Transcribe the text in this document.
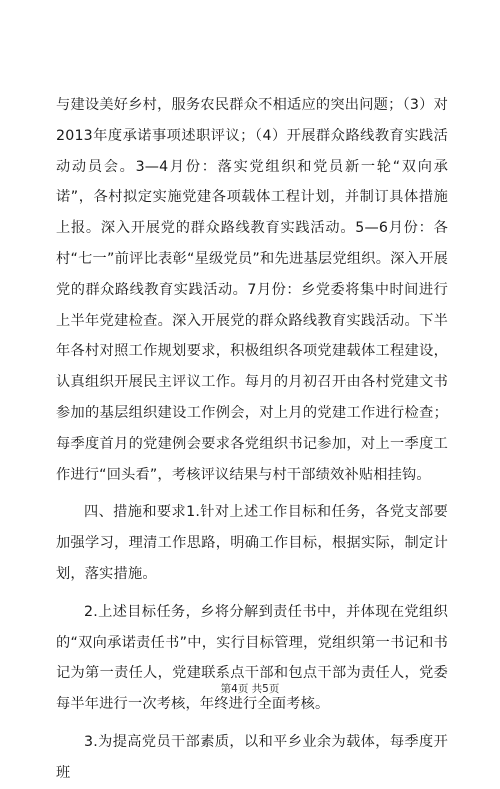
与建设美好乡村，服务农民群众不相适应的突出问题；（3）对2013年度承诺事项述职评议；（4）开展群众路线教育实践活动动员会。3—4月份：落实党组织和党员新一轮“双向承诺”，各村拟定实施党建各项载体工程计划，并制订具体措施上报。深入开展党的群众路线教育实践活动。5—6月份：各村“七一”前评比表彰“星级党员”和先进基层党组织。深入开展党的群众路线教育实践活动。7月份：乡党委将集中时间进行上半年党建检查。深入开展党的群众路线教育实践活动。下半年各村对照工作规划要求，积极组织各项党建载体工程建设，认真组织开展民主评议工作。每月的月初召开由各村党建文书参加的基层组织建设工作例会，对上月的党建工作进行检查；每季度首月的党建例会要求各党组织书记参加，对上一季度工作进行“回头看”，考核评议结果与村干部绩效补贴相挂钩。

四、措施和要求1.针对上述工作目标和任务，各党支部要加强学习，理清工作思路，明确工作目标，根据实际，制定计划，落实措施。

2.上述目标任务，乡将分解到责任书中，并体现在党组织的“双向承诺责任书”中，实行目标管理，党组织第一书记和书记为第一责任人，党建联系点干部和包点干部为责任人，党委每半年进行一次考核，年终进行全面考核。

3.为提高党员干部素质，以和平乡业余为载体，每季度开班

第4页 共5页
